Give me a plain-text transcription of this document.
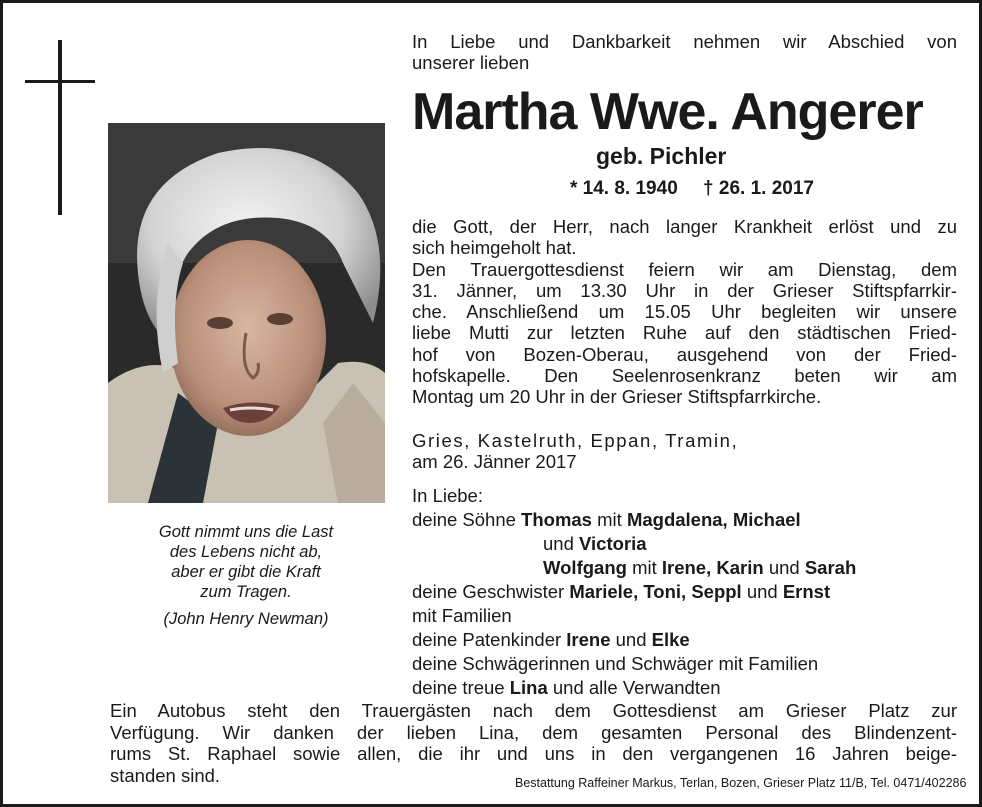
Gott nimmt uns die Last
des Lebens nicht ab,
aber er gibt die Kraft
zum Tragen.
(John Henry Newman)
In Liebe und Dankbarkeit nehmen wir Abschied von
unserer lieben
Martha Wwe. Angerer
geb. Pichler
* 14. 8. 1940 † 26. 1. 2017
die Gott, der Herr, nach langer Krankheit erlöst und zu
sich heimgeholt hat.
Den Trauergottesdienst feiern wir am Dienstag, dem
31. Jänner, um 13.30 Uhr in der Grieser Stiftspfarrkir-
che. Anschließend um 15.05 Uhr begleiten wir unsere
liebe Mutti zur letzten Ruhe auf den städtischen Fried-
hof von Bozen-Oberau, ausgehend von der Fried-
hofskapelle. Den Seelenrosenkranz beten wir am
Montag um 20 Uhr in der Grieser Stiftspfarrkirche.
Gries, Kastelruth, Eppan, Tramin,
am 26. Jänner 2017
In Liebe:
deine Söhne Thomas mit Magdalena, Michael
und Victoria
Wolfgang mit Irene, Karin und Sarah
deine Geschwister Mariele, Toni, Seppl und Ernst
mit Familien
deine Patenkinder Irene und Elke
deine Schwägerinnen und Schwäger mit Familien
deine treue Lina und alle Verwandten
Ein Autobus steht den Trauergästen nach dem Gottesdienst am Grieser Platz zur
Verfügung. Wir danken der lieben Lina, dem gesamten Personal des Blindenzent-
rums St. Raphael sowie allen, die ihr und uns in den vergangenen 16 Jahren beige-
standen sind.	Bestattung Raffeiner Markus, Terlan, Bozen, Grieser Platz 11/B, Tel. 0471/402286
